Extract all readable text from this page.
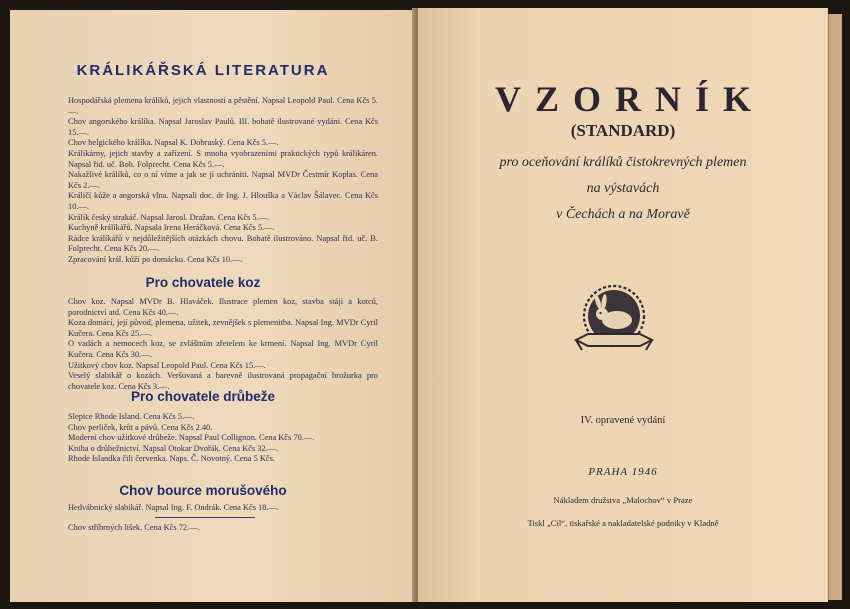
KRÁLIKÁŘSKÁ LITERATURA
Hospodářská plemena králíků, jejich vlastnosti a pěstění. Napsal Leopold Paul. Cena Kčs 5.—.
Chov angorského králíka. Napsal Jaroslav Paulů. III. bohatě ilustrované vydání. Cena Kčs 15.—.
Chov belgického králíka. Napsal K. Dobruský. Cena Kčs 5.—.
Králíkárny, jejich stavby a zařízení. S mnoha vyobrazeními praktických typů králikáren. Napsal řid. uč. Boh. Folprecht. Cena Kčs 5.—.
Nakažlivé králíků, co o ní víme a jak se jí uchrániti. Napsal MVDr Čestmír Koplas. Cena Kčs 2.—.
Králičí kůže a angorská vlna. Napsali doc. dr Ing. J. Hlouška a Václav Šálavec. Cena Kčs 10.—.
Králík český strakáč. Napsal Jarosl. Dražan. Cena Kčs 5.—.
Kuchyně králíkářů. Napsala Irena Heráčková. Cena Kčs 5.—.
Rádce králíkářů v nejdůležitějších otázkách chovu. Bohatě ilustrováno. Napsal řid. uč. B. Folprecht. Cena Kčs 20.—.
Zpracování král. kůží po domácku. Cena Kčs 10.—.
Pro chovatele koz
Chov koz. Napsal MVDr B. Hlaváček. Ilustrace plemen koz, stavba stájí a kotců, porodnictví atd. Cena Kčs 40.—.
Koza domácí, její původ, plemena, užitek, zevnějšek s plemenitba. Napsal Ing. MVDr Cyril Kučera. Cena Kčs 25.—.
O vadách a nemocech koz, se zvláštním zřetelem ke krmení. Napsal Ing. MVDr Cyril Kučera. Cena Kčs 30.—.
Užitkový chov koz. Napsal Leopold Paul. Cena Kčs 15.—.
Veselý slabikář o kozách. Veršovaná a barevně ilustrovaná propagační brožurka pro chovatele koz. Cena Kčs 3.—.
Pro chovatele drůbeže
Slepice Rhode Island. Cena Kčs 5.—.
Chov perliček, krůt a pávů. Cena Kčs 2.40.
Moderní chov užitkové drůbeže. Napsal Paul Collignon. Cena Kčs 70.—.
Kniha o drůbežnictví. Napsal Otokar Dvořák. Cena Kčs 32.—.
Rhode Islandka čili červenka. Naps. Č. Novotný. Cena 5 Kčs.
Chov bource morušového
Hedvábnický slabikář. Napsal Ing. F. Ondrák. Cena Kčs 18.—.
Chov stříbrných lišek. Cena Kčs 72.—.
VZORNÍK
(STANDARD)
pro oceňování králíků čistokrevných plemen
na výstavách
v Čechách a na Moravě
IV. opravené vydání
PRAHA 1946
Nákladem družstva „Malochov“ v Praze
Tiskl „Cil“, tiskařské a nakladatelské podniky v Kladně
